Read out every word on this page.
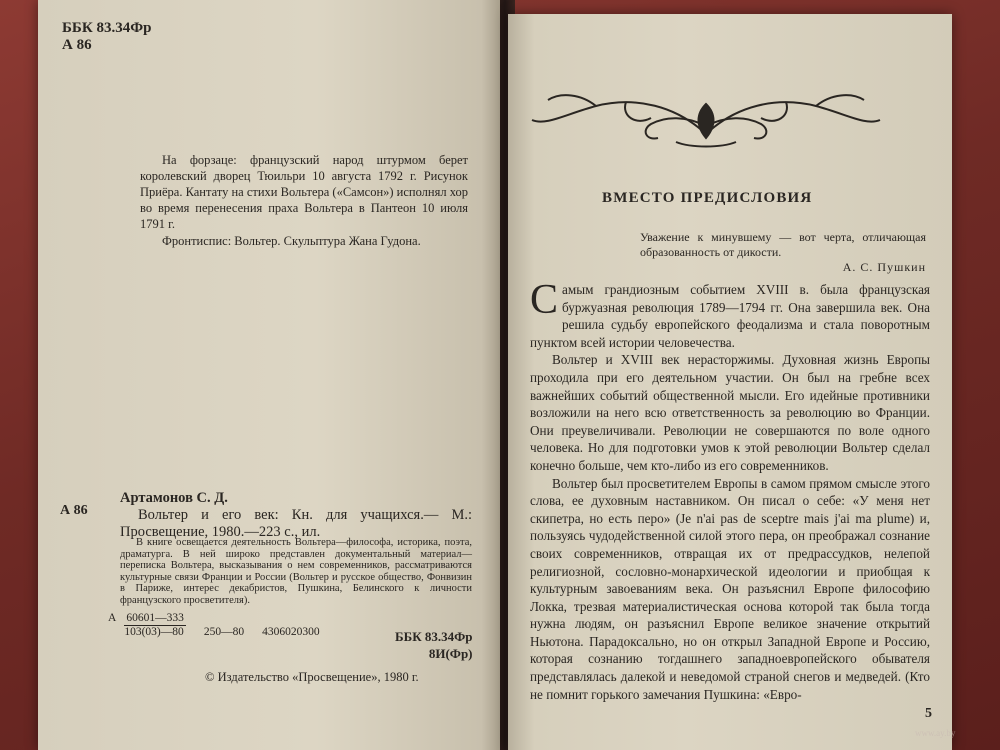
ББК 83.34Фр
А 86

На форзаце: французский народ штурмом берет королевский дворец Тюильри 10 августа 1792 г. Рисунок Приёра. Кантату на стихи Вольтера («Самсон») исполнял хор во время перенесения праха Вольтера в Пантеон 10 июля 1791 г.

Фронтиспис: Вольтер. Скульптура Жана Гудона.
А 86
Артамонов С. Д.
Вольтер и его век: Кн. для учащихся.— М.: Просвещение, 1980.—223 с., ил.

В книге освещается деятельность Вольтера—философа, историка, поэта, драматурга. В ней широко представлен документальный материал—переписка Вольтера, высказывания о нем современников, рассматриваются культурные связи Франции и России (Вольтер и русское общество, Фонвизин в Париже, интерес декабристов, Пушкина, Белинского к личности французского просветителя).

А $\frac{60601—333}{103(03)—80}$ 250—80 4306020300	ББК 83.34Фр
8И(Фр)
© Издательство «Просвещение», 1980 г.
ВМЕСТО ПРЕДИСЛОВИЯ
Уважение к минувшему — вот черта, отличающая образованность от дикости.
А. С. Пушкин

Самым грандиозным событием XVIII в. была французская буржуазная революция 1789—1794 гг. Она завершила век. Она решила судьбу европейского феодализма и стала поворотным пунктом всей истории человечества.

Вольтер и XVIII век нерасторжимы. Духовная жизнь Европы проходила при его деятельном участии. Он был на гребне всех важнейших событий общественной мысли. Его идейные противники возложили на него всю ответственность за революцию во Франции. Они преувеличивали. Революции не совершаются по воле одного человека. Но для подготовки умов к этой революции Вольтер сделал конечно больше, чем кто-либо из его современников.

Вольтер был просветителем Европы в самом прямом смысле этого слова, ее духовным наставником. Он писал о себе: «У меня нет скипетра, но есть перо» (Je n'ai pas de sceptre mais j'ai ma plume) и, пользуясь чудодейственной силой этого пера, он преображал сознание своих современников, отвращая их от предрассудков, нелепой религиозной, сословно-монархической идеологии и приобщая к культурным завоеваниям века. Он разъяснил Европе философию Локка, трезвая материалистическая основа которой так была тогда нужна людям, он разъяснил Европе великое значение открытий Ньютона. Парадоксально, но он открыл Западной Европе и Россию, которая сознанию тогдашнего западноевропейского обывателя представлялась далекой и неведомой страной снегов и медведей. (Кто не помнит горького замечания Пушкина: «Евро-

5
www.ay.by
